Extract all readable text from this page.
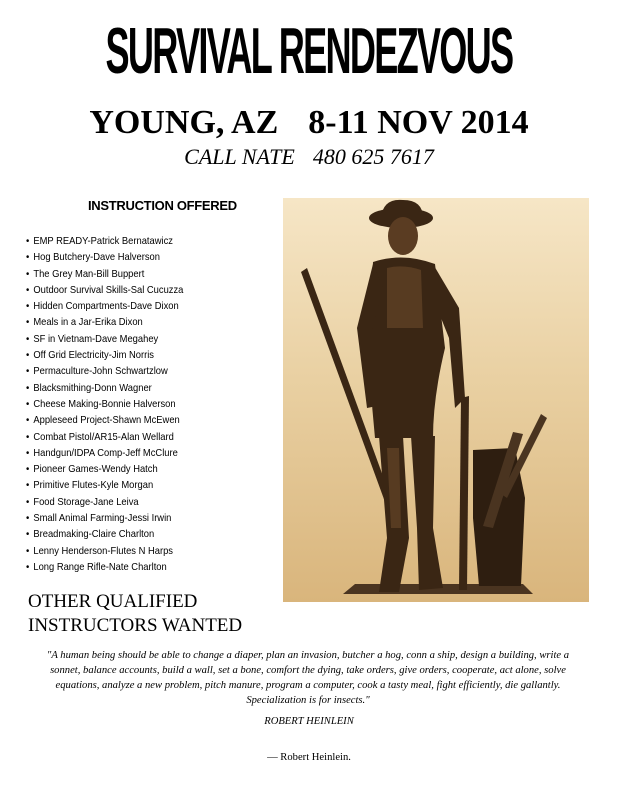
SURVIVAL RENDEZVOUS
YOUNG, AZ 8-11 NOV 2014
CALL NATE 480 625 7617
INSTRUCTION OFFERED
• EMP READY-Patrick Bernatawicz
• Hog Butchery-Dave Halverson
• The Grey Man-Bill Buppert
• Outdoor Survival Skills-Sal Cucuzza
• Hidden Compartments-Dave Dixon
• Meals in a Jar-Erika Dixon
• SF in Vietnam-Dave Megahey
• Off Grid Electricity-Jim Norris
• Permaculture-John Schwartzlow
• Blacksmithing-Donn Wagner
• Cheese Making-Bonnie Halverson
• Appleseed Project-Shawn McEwen
• Combat Pistol/AR15-Alan Wellard
• Handgun/IDPA Comp-Jeff McClure
• Pioneer Games-Wendy Hatch
• Primitive Flutes-Kyle Morgan
• Food Storage-Jane Leiva
• Small Animal Farming-Jessi Irwin
• Breadmaking-Claire Charlton
• Lenny Henderson-Flutes N Harps
• Long Range Rifle-Nate Charlton
OTHER QUALIFIED
INSTRUCTORS WANTED
"A human being should be able to change a diaper, plan an invasion, butcher a hog, conn a ship, design a building, write a sonnet, balance accounts, build a wall, set a bone, comfort the dying, take orders, give orders, cooperate, act alone, solve equations, analyze a new problem, pitch manure, program a computer, cook a tasty meal, fight efficiently, die gallantly. Specialization is for insects."
ROBERT HEINLEIN
— Robert Heinlein.
